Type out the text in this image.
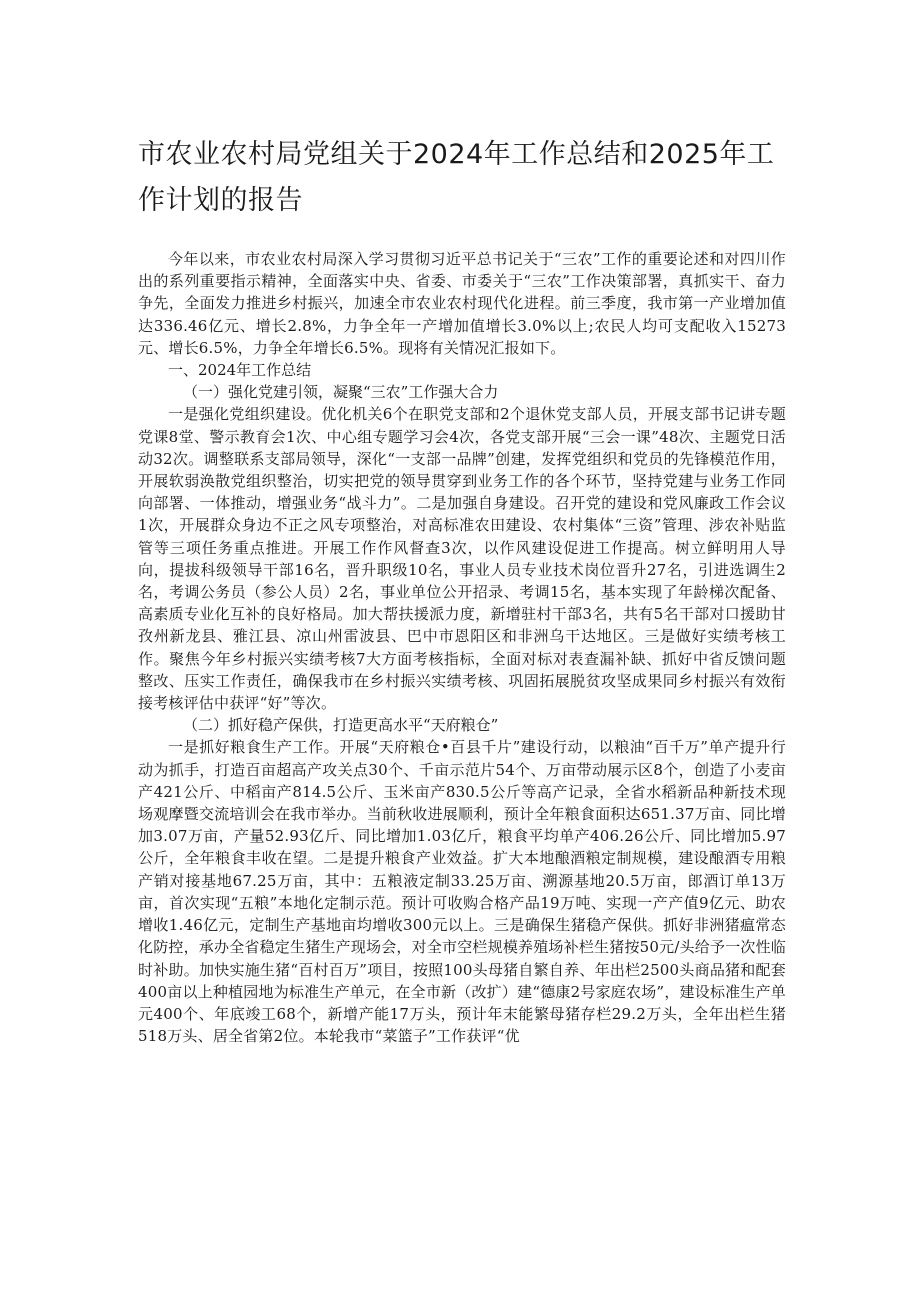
市农业农村局党组关于2024年工作总结和2025年工作计划的报告

今年以来，市农业农村局深入学习贯彻习近平总书记关于“三农”工作的重要论述和对四川作出的系列重要指示精神，全面落实中央、省委、市委关于“三农”工作决策部署，真抓实干、奋力争先，全面发力推进乡村振兴，加速全市农业农村现代化进程。前三季度，我市第一产业增加值达336.46亿元、增长2.8%，力争全年一产增加值增长3.0%以上;农民人均可支配收入15273元、增长6.5%，力争全年增长6.5%。现将有关情况汇报如下。

一、2024年工作总结

（一）强化党建引领，凝聚“三农”工作强大合力

一是强化党组织建设。优化机关6个在职党支部和2个退休党支部人员，开展支部书记讲专题党课8堂、警示教育会1次、中心组专题学习会4次，各党支部开展“三会一课”48次、主题党日活动32次。调整联系支部局领导，深化“一支部一品牌”创建，发挥党组织和党员的先锋模范作用，开展软弱涣散党组织整治，切实把党的领导贯穿到业务工作的各个环节，坚持党建与业务工作同向部署、一体推动，增强业务“战斗力”。二是加强自身建设。召开党的建设和党风廉政工作会议1次，开展群众身边不正之风专项整治，对高标准农田建设、农村集体“三资”管理、涉农补贴监管等三项任务重点推进。开展工作作风督查3次，以作风建设促进工作提高。树立鲜明用人导向，提拔科级领导干部16名，晋升职级10名，事业人员专业技术岗位晋升27名，引进选调生2名，考调公务员（参公人员）2名，事业单位公开招录、考调15名，基本实现了年龄梯次配备、高素质专业化互补的良好格局。加大帮扶援派力度，新增驻村干部3名，共有5名干部对口援助甘孜州新龙县、雅江县、凉山州雷波县、巴中市恩阳区和非洲乌干达地区。三是做好实绩考核工作。聚焦今年乡村振兴实绩考核7大方面考核指标，全面对标对表查漏补缺、抓好中省反馈问题整改、压实工作责任，确保我市在乡村振兴实绩考核、巩固拓展脱贫攻坚成果同乡村振兴有效衔接考核评估中获评“好”等次。

（二）抓好稳产保供，打造更高水平“天府粮仓”

一是抓好粮食生产工作。开展“天府粮仓•百县千片”建设行动，以粮油“百千万”单产提升行动为抓手，打造百亩超高产攻关点30个、千亩示范片54个、万亩带动展示区8个，创造了小麦亩产421公斤、中稻亩产814.5公斤、玉米亩产830.5公斤等高产记录，全省水稻新品种新技术现场观摩暨交流培训会在我市举办。当前秋收进展顺利，预计全年粮食面积达651.37万亩、同比增加3.07万亩，产量52.93亿斤、同比增加1.03亿斤，粮食平均单产406.26公斤、同比增加5.97公斤，全年粮食丰收在望。二是提升粮食产业效益。扩大本地酿酒粮定制规模，建设酿酒专用粮产销对接基地67.25万亩，其中：五粮液定制33.25万亩、溯源基地20.5万亩，郎酒订单13万亩，首次实现“五粮”本地化定制示范。预计可收购合格产品19万吨、实现一产产值9亿元、助农增收1.46亿元，定制生产基地亩均增收300元以上。三是确保生猪稳产保供。抓好非洲猪瘟常态化防控，承办全省稳定生猪生产现场会，对全市空栏规模养殖场补栏生猪按50元/头给予一次性临时补助。加快实施生猪“百村百万”项目，按照100头母猪自繁自养、年出栏2500头商品猪和配套400亩以上种植园地为标准生产单元，在全市新（改扩）建“德康2号家庭农场”，建设标准生产单元400个、年底竣工68个，新增产能17万头，预计年末能繁母猪存栏29.2万头，全年出栏生猪518万头、居全省第2位。本轮我市“菜篮子”工作获评“优
